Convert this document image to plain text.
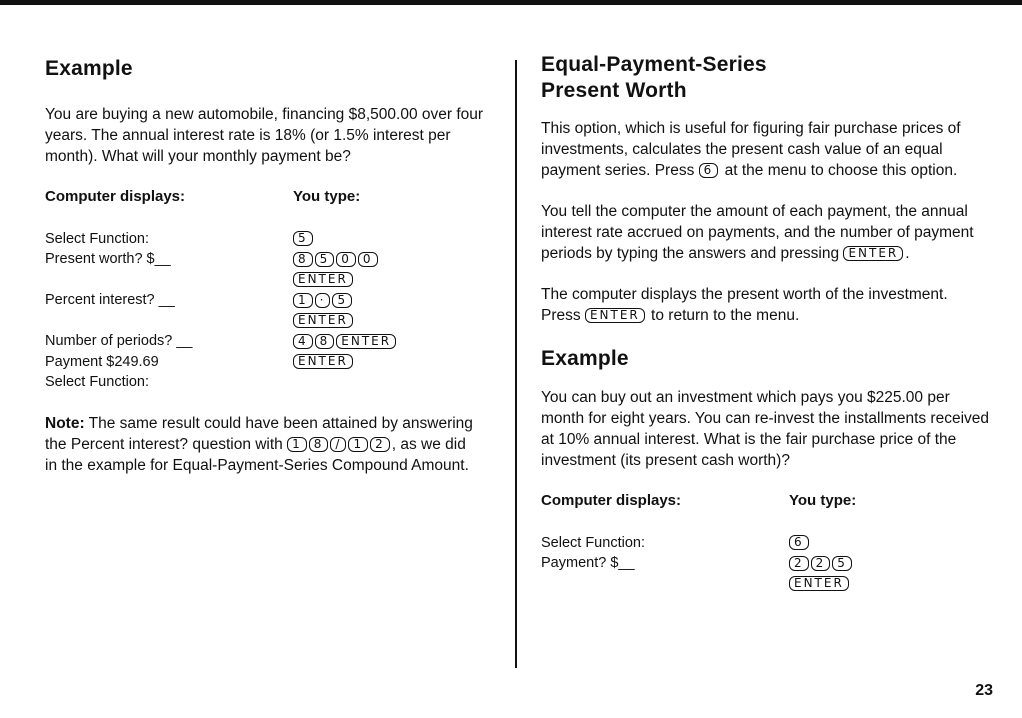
Example

You are buying a new automobile, financing $8,500.00 over four years. The annual interest rate is 18% (or 1.5% interest per month). What will your monthly payment be?

Computer displays:	You type:
Select Function:	5
Present worth? $__	8 5 0 0
ENTER
Percent interest? __	1 · 5
ENTER
Number of periods? __	4 8 ENTER
Payment $249.69	ENTER
Select Function:

Note: The same result could have been attained by answering the Percent interest? question with 1 8 / 1 2 , as we did in the example for Equal-Payment-Series Compound Amount.

Equal-Payment-Series
Present Worth

This option, which is useful for figuring fair purchase prices of investments, calculates the present cash value of an equal payment series. Press 6 at the menu to choose this option.

You tell the computer the amount of each payment, the annual interest rate accrued on payments, and the number of payment periods by typing the answers and pressing ENTER .

The computer displays the present worth of the investment. Press ENTER to return to the menu.

Example

You can buy out an investment which pays you $225.00 per month for eight years. You can re-invest the installments received at 10% annual interest. What is the fair purchase price of the investment (its present cash worth)?

Computer displays:	You type:
Select Function:	6
Payment? $__	2 2 5
ENTER
23
